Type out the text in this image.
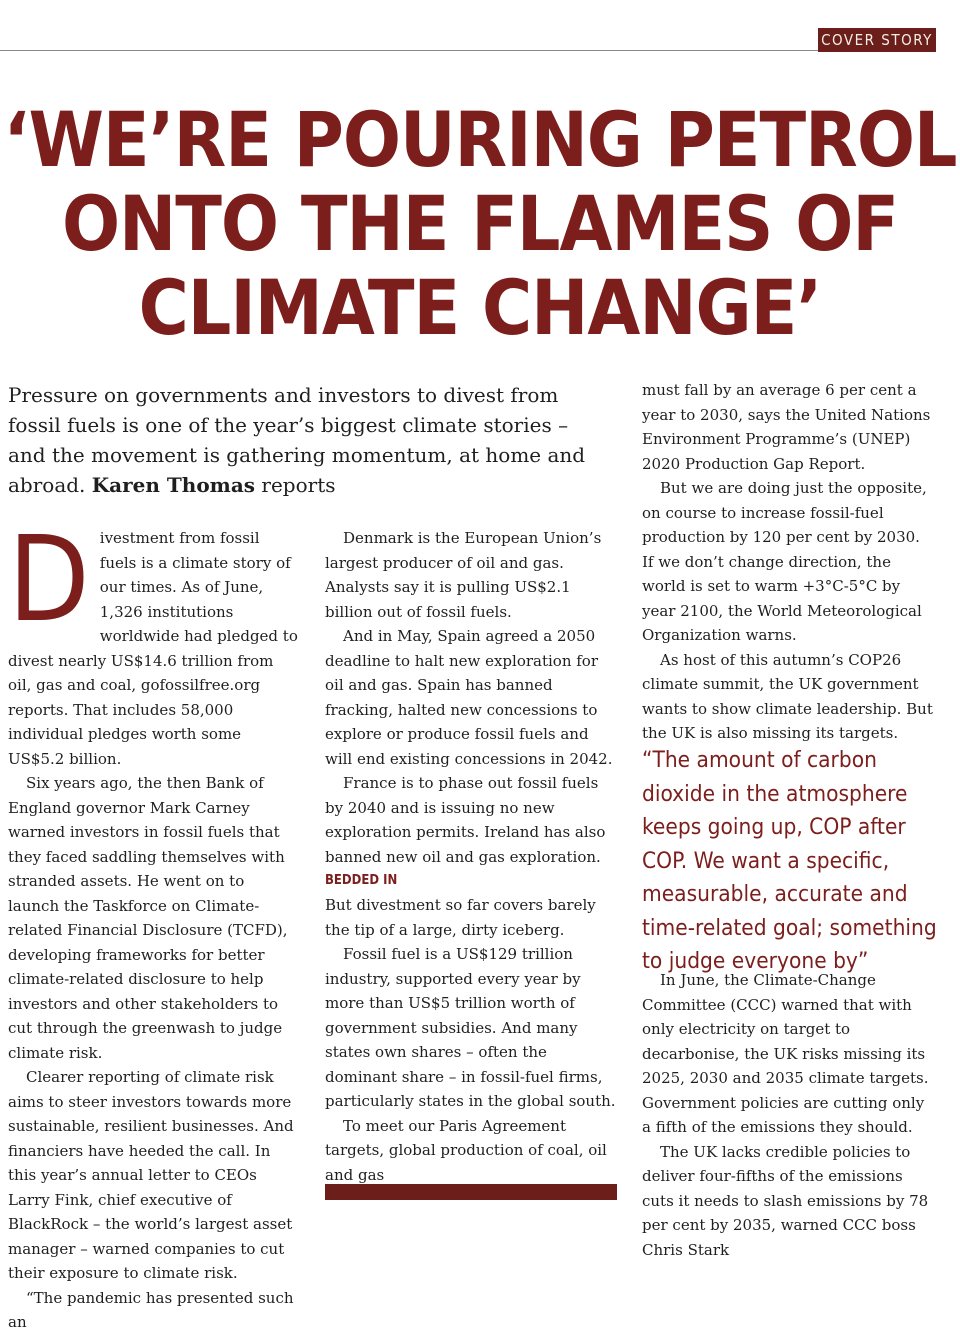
COVER STORY
‘WE’RE POURING PETROL ONTO THE FLAMES OF CLIMATE CHANGE’
Pressure on governments and investors to divest from fossil fuels is one of the year’s biggest climate stories – and the movement is gathering momentum, at home and abroad. Karen Thomas reports

Divestment from fossil fuels is a climate story of our times. As of June, 1,326 institutions worldwide had pledged to divest nearly US$14.6 trillion from oil, gas and coal, gofossilfree.org reports. That includes 58,000 individual pledges worth some US$5.2 billion.

Six years ago, the then Bank of England governor Mark Carney warned investors in fossil fuels that they faced saddling themselves with stranded assets. He went on to launch the Taskforce on Climate-related Financial Disclosure (TCFD), developing frameworks for better climate-related disclosure to help investors and other stakeholders to cut through the greenwash to judge climate risk.

Clearer reporting of climate risk aims to steer investors towards more sustainable, resilient businesses. And financiers have heeded the call. In this year’s annual letter to CEOs Larry Fink, chief executive of BlackRock – the world’s largest asset manager – warned companies to cut their exposure to climate risk.

“The pandemic has presented such an

Denmark is the European Union’s largest producer of oil and gas. Analysts say it is pulling US$2.1 billion out of fossil fuels.

And in May, Spain agreed a 2050 deadline to halt new exploration for oil and gas. Spain has banned fracking, halted new concessions to explore or produce fossil fuels and will end existing concessions in 2042.

France is to phase out fossil fuels by 2040 and is issuing no new exploration permits. Ireland has also banned new oil and gas exploration.

BEDDED IN

But divestment so far covers barely the tip of a large, dirty iceberg.

Fossil fuel is a US$129 trillion industry, supported every year by more than US$5 trillion worth of government subsidies. And many states own shares – often the dominant share – in fossil-fuel firms, particularly states in the global south.

To meet our Paris Agreement targets, global production of coal, oil and gas

must fall by an average 6 per cent a year to 2030, says the United Nations Environment Programme’s (UNEP) 2020 Production Gap Report.

But we are doing just the opposite, on course to increase fossil-fuel production by 120 per cent by 2030. If we don’t change direction, the world is set to warm +3°C-5°C by year 2100, the World Meteorological Organization warns.

As host of this autumn’s COP26 climate summit, the UK government wants to show climate leadership. But the UK is also missing its targets.

“The amount of carbon dioxide in the atmosphere keeps going up, COP after COP. We want a specific, measurable, accurate and time-related goal; something to judge everyone by”

In June, the Climate-Change Committee (CCC) warned that with only electricity on target to decarbonise, the UK risks missing its 2025, 2030 and 2035 climate targets. Government policies are cutting only a fifth of the emissions they should.

The UK lacks credible policies to deliver four-fifths of the emissions cuts it needs to slash emissions by 78 per cent by 2035, warned CCC boss Chris Stark
